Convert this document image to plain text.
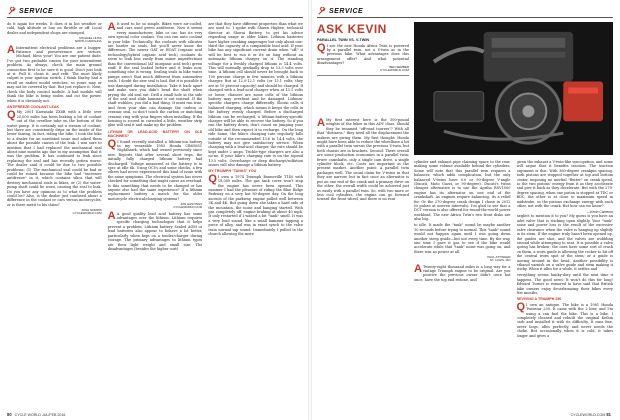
SERVICE

do it again for weeks. It does it in hot weather or cold, high altitude or low, on throttle or off. Local dealer and independent shops are stumped.

MICHAEL HUSS
NORTH CAROLINA

A Intermittent electrical problems are a bugger. Patience and perseverance are virtues. Michael, bless your! You are one patient dude. I've got two probable causes for your intermittent problem. As always, check the main ground connection first to be sure it is good. Don't just look at it. Pull it, clean it, and refit. The most likely culprit is your ignition switch. I think Harley had a recall on earlier model switches, so yours may or may not be covered by that. But just replace it. Next, check the body control module. A bad module will think the bike is being stolen and cut the power, when it is obviously not.

ANTIFREEZE COOLANT LEAK

Q My 2001 Kawasaki ZX6R with a little over 25,000 miles has been leaking a bit of coolant out of the overflow tube on the bottom of the water pump. It is certainly not a stream of coolant, but there are consistently drips on the inside of the lower fairing. In fact, riding the bike, I took the bike to a dealer for an unrelated issue and asked them about the possible causes of the leak. I was sure to mention that I had replaced the mechanical seal about nine months ago due to my assumption that it was the problem. It has continued to leak since replacing the seal and has recently gotten worse. The dealer said it could be due to two possible problems: (1) The mechanical seal could be bad or could be ruined because the bike had "excessive antifreeze" in it, which contains silica that will destroy mechanical seals in bikes, or (2) the water-pump shaft could be worn, causing the seal to leak. Do you have any opinions as to what the problem could be? Also, is the dealer just confused about a difference in the coolant or cars versus motorcycles, or is there merit to his claim?

JOSH NORRIS
CYCLEWORLD.COM

A It used to be so simple. Bikes were air-cooled, and cars used green antifreeze. Now it seems every manufacturer, bike or car, has its very own special color coolant. You can run auto coolant in your bike. Technically, the coolants with silicates are harder on seals, but you'll never know the difference. The newer OAT or HOAT (organic acid technology/hybrid organic acid tech) coolants do seem to leak less easily from minor imperfections than the conventional (AT inorganic acid tech) green stuff. If the seal leaked before and it leaks now, something else is wrong. Sealing seals in bike water pumps aren't that much different from automotive seals. I doubt the new seal is bad. But it is possible it was damaged during installation. Take it back apart and make sure you didn't bend the shaft when prying the old seal out. Drill a small hole in the side of the seal and slide hammer it out instead. If the shaft wobbles, you did a bad thing. It must run true. And from your skin can damage the carbon or ceramic seal, so don't touch the carbon or matching ceramic ring with your fingers when installing. If the housing is scored in corroded a little, weather strip glue will seal it and make up the problem.

LITHIUM OR LEAD-ACID BATTERY ON OLD MACHINES?

Q I found recently installed a lithium-ion battery in my venerable 1983 Honda CB650SC Nighthawk, which had owned previously since new. Reports that after several short trips, the initially fully charged lithium battery had discharged. Voltage measured at the battery is in spec at idle 6k. Using OCVs and some checks, a few others had never experienced this kind of issue with the same symptoms. The electrical system has never checked for something that might cause an overload. Is this something that needs to be changed or has anyone else had the same experience? If a lithium replacement battery a match for the older motorcycle electrical/charging systems?

JON HASTINGS
CYCLEWORLD.COM

A A good quality lead acid battery has some advantages over the lithium. Lithium requires specific charging technologies that it helps prevent a problem. Lithium battery Sealed AGM or lead batteries also appear to behave a lot better, particularly when kept on a tender/charger during storage. The primary advantages to lithium types are their light weight and small size. The disadvantages (besides the higher cost)

are that they have different properties than what we are used to. I spoke with Shawn Higbee, technical director at Shorai Battery, to get his advice regarding usage in older bikes. Lithium batteries have higher cranking amperages but only about one-third the capacity of a comparable lead acid. If your bike has any significant current drain when "off," it will be best to run it or its on long without an automatic lithium charger on it. The standing voltage for a freshly charged lithium is 14.4 volts. This will normally gradually drop to 13.3 volts over time. A lithium cell should never be brought back to 100 percent charge in few minutes with a lithium charger. But at 12.0-12.1 volts (or 13.1 volts; they are at 10 percent capacity) and should be charged. If charged with a lead-acid charger when at 13.1 volts or lower, chances are some cells of the lithium battery may overheat and be damaged. Lithium-specific chargers charge differently. Shorai calls it balanced charging, which means it keeps the cells in the battery evenly charged. Before a discharged lithium can be recharged, a lithium-battery-specific charger will be able to recover the battery. So if you run the battery down, don't count on jumping your old bike and then expect it to recharge. On the long ride home, the bike's charging rate regularly falls outside of the recommended 13.6 to 14.4 volts, the battery may not give satisfactory service. When charging with a lead-acid charger, the rate should be kept under 2 amps. Trickle-type chargers are also a no-no. If your bike's charging rate is on the topend 13.5 volts. Overcharge or deep discharge/sulfation issues will also damage a lithium battery.

MY TRIUMPH "TANKS" YOU

Q I own a 1974 Triumph Bonneville T140 with 18,000 miles. The gas tank cover won't stop the engine has never been opened. This summer I had the pleasure of riding the Blue Ridge Parkway on a very hot 80-degree day. On the long ascents of the parkway, engine pulled well between 3K and 4K. But going down she takes a hard side of the mountain, the noise and banging started. With gas completely off, engine braking at about 40 mph. It only restarted if I waited a bit "tank" smell. It was a very loud sound, like a small hammer tapping a piece of alloy, and was in exact synch to the valve train normal tap sound. Immediately I pulled in the church allowing the more

80 CYCLE WORLD JUL/FEB 2016
SERVICE
ASK KEVIN
PARALLEL TWIN VS. V-TWIN
Q I see the new Honda Africa Twin is powered by a parallel twin, not a V-twin as in the previous bike. What advantages does this arrangement offer? And what potential disadvantages?
BEN SEMBER
CYCLEWORLD.COM

A My first interest here is the 500-pound weights of the bikes in this ADV class. Should they be renamed "off-road tourers"? With all that "dirtiness," they need all the displacement the makers are giving them. My first thought: Honda might have been able to reduce the wheelbase a bit with a parallel twin versus the previous V-twin, but both chassis are in brackets. Second: There overall are some production economies in a parallel twin: fewer camshafts, only a single cam drive, a single cylinder block, etc. Costs are important in the present market. Another point: A parallel twin packages well. The usual claim for V-twins in that they are narrow, but in fact once an alternator is put on one end of the crank and a primary drive on the other, the overall width could be achieved just as easily with a parallel twin. So, with two more or less cool cylinders, the engine can go forward toward the front wheel, and there is no rear

cylinder and exhaust pipe claiming space to the rear, making some volume available behind the cylinders. Some will note that this parallel twin requires a balancer, which adds complication, but the only balanced V-twins have 0.0 or 90-degree V-angle (Ducati, Moto Guzzi, or 90-degree). Ducati's twins cheaper alternative is to use the Aprilia RSV1000 engine has its alternator on one end of the crankshaft. As engines require balancing, its a relief for. Or the 270-degree crank design I chose in 2012 (it pulses at uneven intervals). I'm glad to see that a DCT version is also offered for round-the-world power workload. The new Africa Twin's two front disks are also big.

to idle. It made the "tank" sound be maybe another 10 seconds before trying to normal. This "tank" sound would not happen again until I was going down another steep grade—but not every time. By the way, one time I gave it gas to see if the bike would accelerate while that "tank" noise was going on, and there was no power at all.

PAUL ATTINGER
ST. LOUIS, MO

A Twenty-eight thousand miles is a long way for a vintage Triumph engine to be original. Are you positive the previous owner didn't once hot once, have the top end redone, and

given the exhaust a V-twin-like syncopation, and some will argue that it benefits traction. The traction argument is this: With 360-degree crankpin spacing, both pistons are stopped together at top and bottom center, imposing no inertial "flutter" on crank speed, so the two pistons' energy from it as they accelerate and give it back as they decelerate. But with the 270-degree spacing, when one piston is stopped at TDC or BDC, the other is at close to maximum speed in midstroke, so the pistons exchange energy with each other, not with the crank. But how can we know?

—Kevin Cameron

neglect to mention it to you? My guess is you have an inlet valve that is sticking open slightly. Your "tank" noise and power loss is the result of the excessive valve clearance when the valve is hanging up slightly in its stem. If the engine truly hasn't been opened up, the guides are shot, and the valves are wobbling around while attempting to seat. It is possible a valve spring has broken; the ones have some sort of crack on them, a worn guide is allowing the rocker to hit off the central worn spot of the stem; or a guide is moving around in the head. Another possibility is ethanol varnish on a valve guide and stem making it sticky. When it idles for a while, it settles and

everything seems hunky-dory until the next time it happens. The good news: It won't do this for long! Edward Turner is rumored to have said that British bike owners enjoy decarbonizing their bikes every few months.

REVIVING A TRIUMPH 250

Q I own an antique. The bike is a 1981 Honda Twinstar 250. It came with the 2 liter, and I'm using a can fuel the bike. This is a bike. I completely cleaned and rebuilt the original Keihin carb and installed it with its difficulty. It runs fine, never bogs, idles perfectly, and never needs the choke. But occasionally when it is cold, it takes longer and gives a

CYCLEWORLD.COM 81
